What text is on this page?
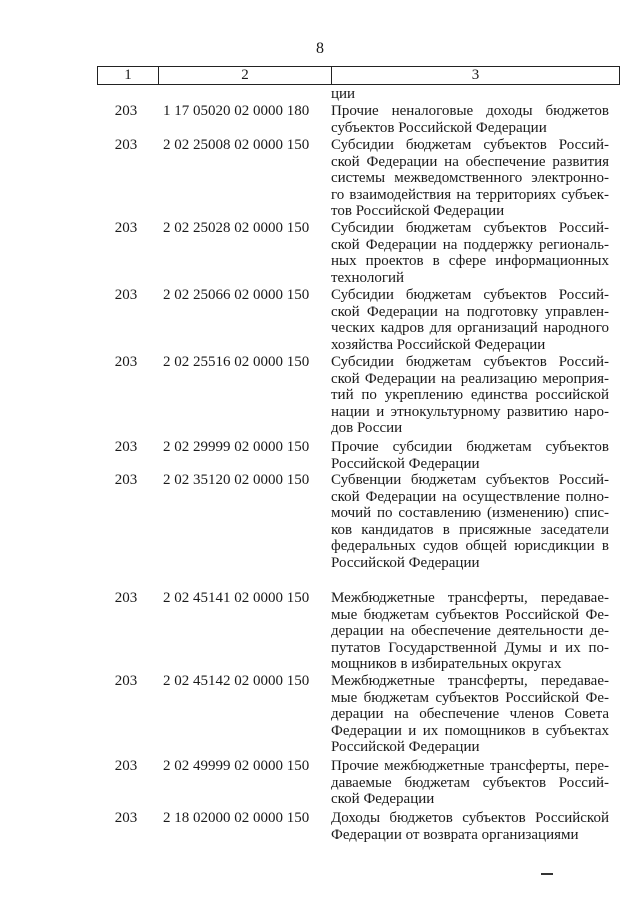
8
1	2	3
ции
203	1 17 05020 02 0000 180	Прочие неналоговые доходы бюджетов
субъектов Российской Федерации
203	2 02 25008 02 0000 150	Субсидии бюджетам субъектов Россий-
ской Федерации на обеспечение развития
системы межведомственного электронно-
го взаимодействия на территориях субъек-
тов Российской Федерации
203	2 02 25028 02 0000 150	Субсидии бюджетам субъектов Россий-
ской Федерации на поддержку региональ-
ных проектов в сфере информационных
технологий
203	2 02 25066 02 0000 150	Субсидии бюджетам субъектов Россий-
ской Федерации на подготовку управлен-
ческих кадров для организаций народного
хозяйства Российской Федерации
203	2 02 25516 02 0000 150	Субсидии бюджетам субъектов Россий-
ской Федерации на реализацию мероприя-
тий по укреплению единства российской
нации и этнокультурному развитию наро-
дов России
203	2 02 29999 02 0000 150	Прочие субсидии бюджетам субъектов
Российской Федерации
203	2 02 35120 02 0000 150	Субвенции бюджетам субъектов Россий-
ской Федерации на осуществление полно-
мочий по составлению (изменению) спис-
ков кандидатов в присяжные заседатели
федеральных судов общей юрисдикции в
Российской Федерации
203	2 02 45141 02 0000 150	Межбюджетные трансферты, передавае-
мые бюджетам субъектов Российской Фе-
дерации на обеспечение деятельности де-
путатов Государственной Думы и их по-
мощников в избирательных округах
203	2 02 45142 02 0000 150	Межбюджетные трансферты, передавае-
мые бюджетам субъектов Российской Фе-
дерации на обеспечение членов Совета
Федерации и их помощников в субъектах
Российской Федерации
203	2 02 49999 02 0000 150	Прочие межбюджетные трансферты, пере-
даваемые бюджетам субъектов Россий-
ской Федерации
203	2 18 02000 02 0000 150	Доходы бюджетов субъектов Российской
Федерации от возврата организациями
